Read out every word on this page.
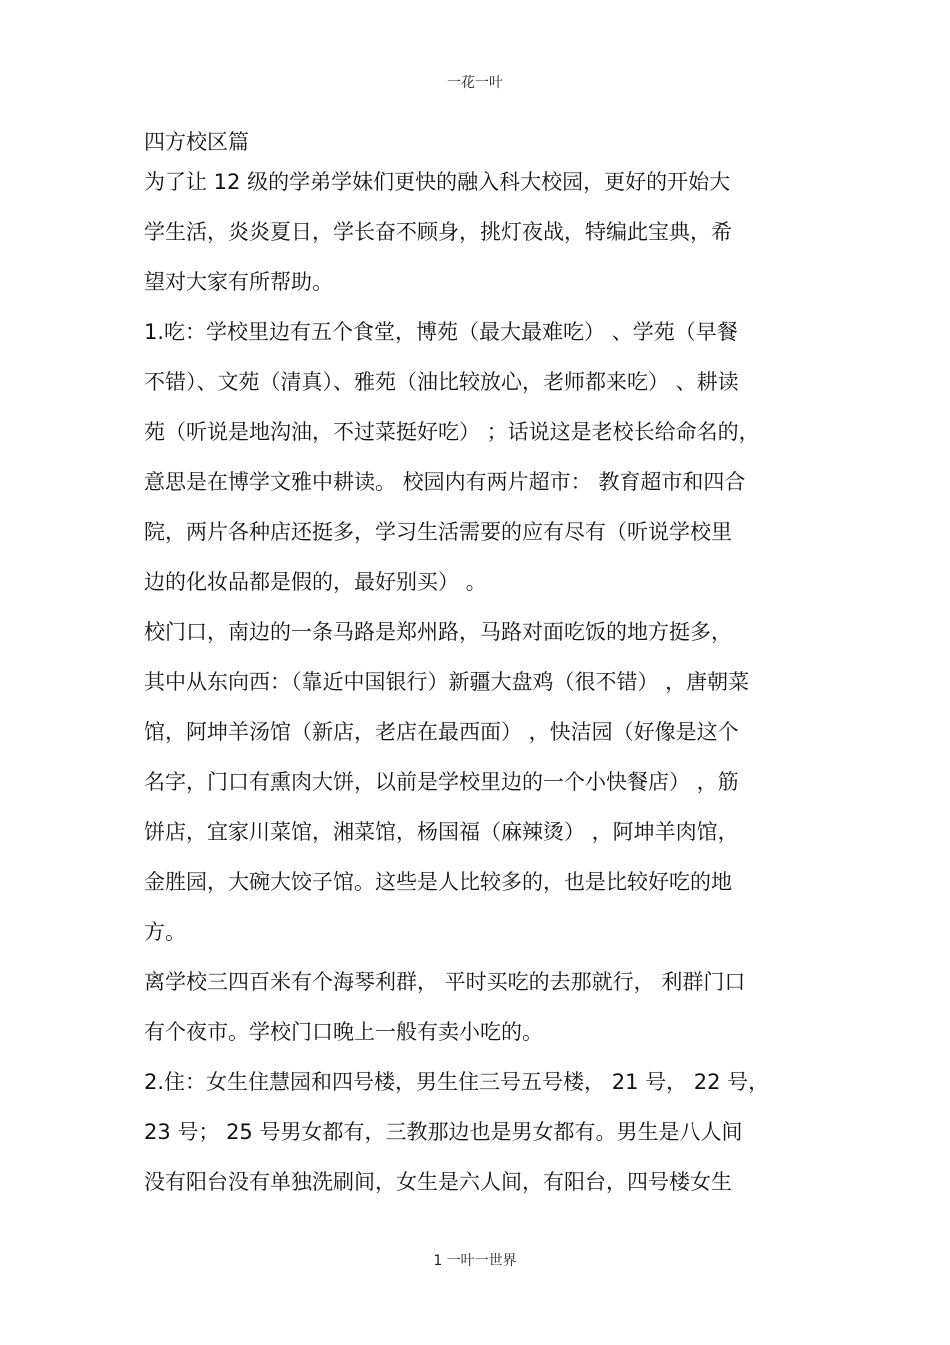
一花一叶
四方校区篇
为了让 12 级的学弟学妹们更快的融入科大校园，更好的开始大
学生活，炎炎夏日，学长奋不顾身，挑灯夜战，特编此宝典，希
望对大家有所帮助。
1.吃：学校里边有五个食堂，博苑（最大最难吃） 、学苑（早餐
不错）、文苑（清真）、雅苑（油比较放心，老师都来吃） 、耕读
苑（听说是地沟油，不过菜挺好吃） ；话说这是老校长给命名的，
意思是在博学文雅中耕读。 校园内有两片超市： 教育超市和四合
院，两片各种店还挺多，学习生活需要的应有尽有（听说学校里
边的化妆品都是假的，最好别买） 。
校门口，南边的一条马路是郑州路，马路对面吃饭的地方挺多，
其中从东向西：（靠近中国银行）新疆大盘鸡（很不错） ，唐朝菜
馆，阿坤羊汤馆（新店，老店在最西面） ，快洁园（好像是这个
名字，门口有熏肉大饼，以前是学校里边的一个小快餐店） ，筋
饼店，宜家川菜馆，湘菜馆，杨国福（麻辣烫） ，阿坤羊肉馆，
金胜园，大碗大饺子馆。这些是人比较多的，也是比较好吃的地
方。
离学校三四百米有个海琴利群， 平时买吃的去那就行， 利群门口
有个夜市。学校门口晚上一般有卖小吃的。
2.住：女生住慧园和四号楼，男生住三号五号楼， 21 号， 22 号，
23 号； 25 号男女都有，三教那边也是男女都有。男生是八人间
没有阳台没有单独洗刷间，女生是六人间，有阳台，四号楼女生
1 一叶一世界
